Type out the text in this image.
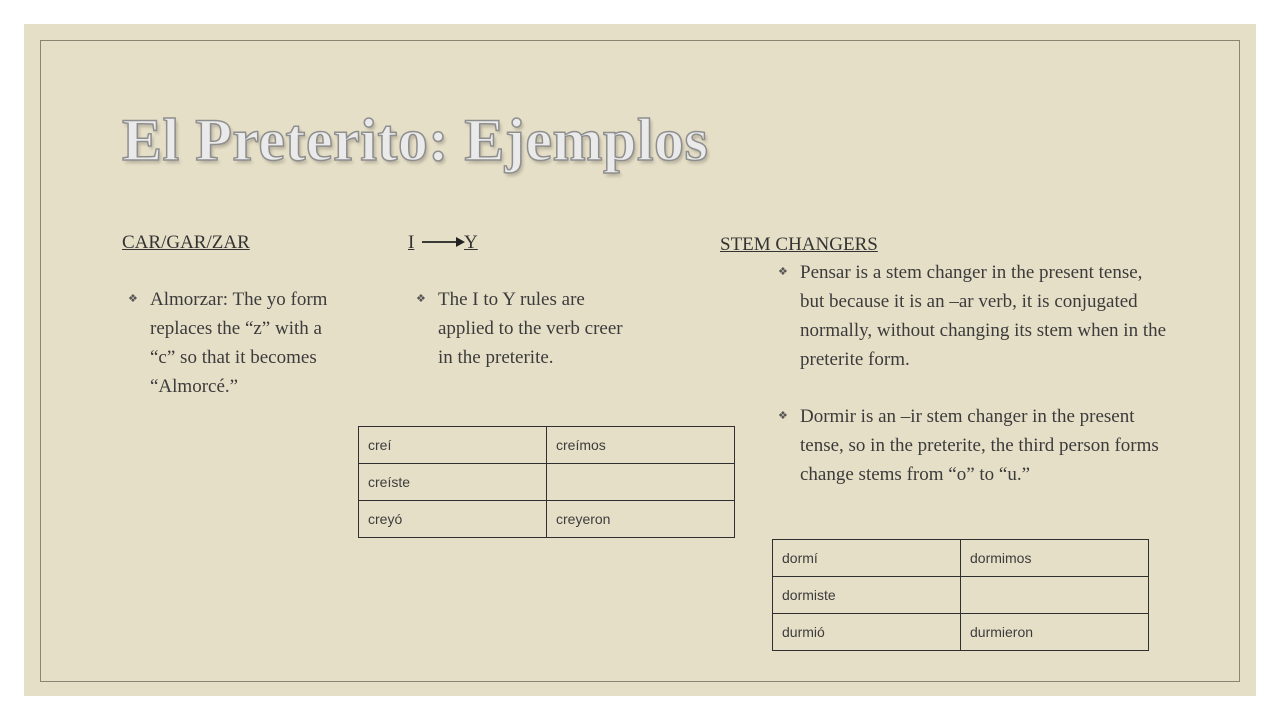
El Preterito: Ejemplos
CAR/GAR/ZAR
❖ Almorzar: The yo form replaces the “z” with a “c” so that it becomes “Almorcé.”
I	Y
❖ The I to Y rules are applied to the verb creer in the preterite.
creí	creímos
creíste	
creyó	creyeron
STEM CHANGERS
❖ Pensar is a stem changer in the present tense, but because it is an –ar verb, it is conjugated normally, without changing its stem when in the preterite form.
❖ Dormir is an –ir stem changer in the present tense, so in the preterite, the third person forms change stems from “o” to “u.”
dormí	dormimos
dormiste	
durmió	durmieron
